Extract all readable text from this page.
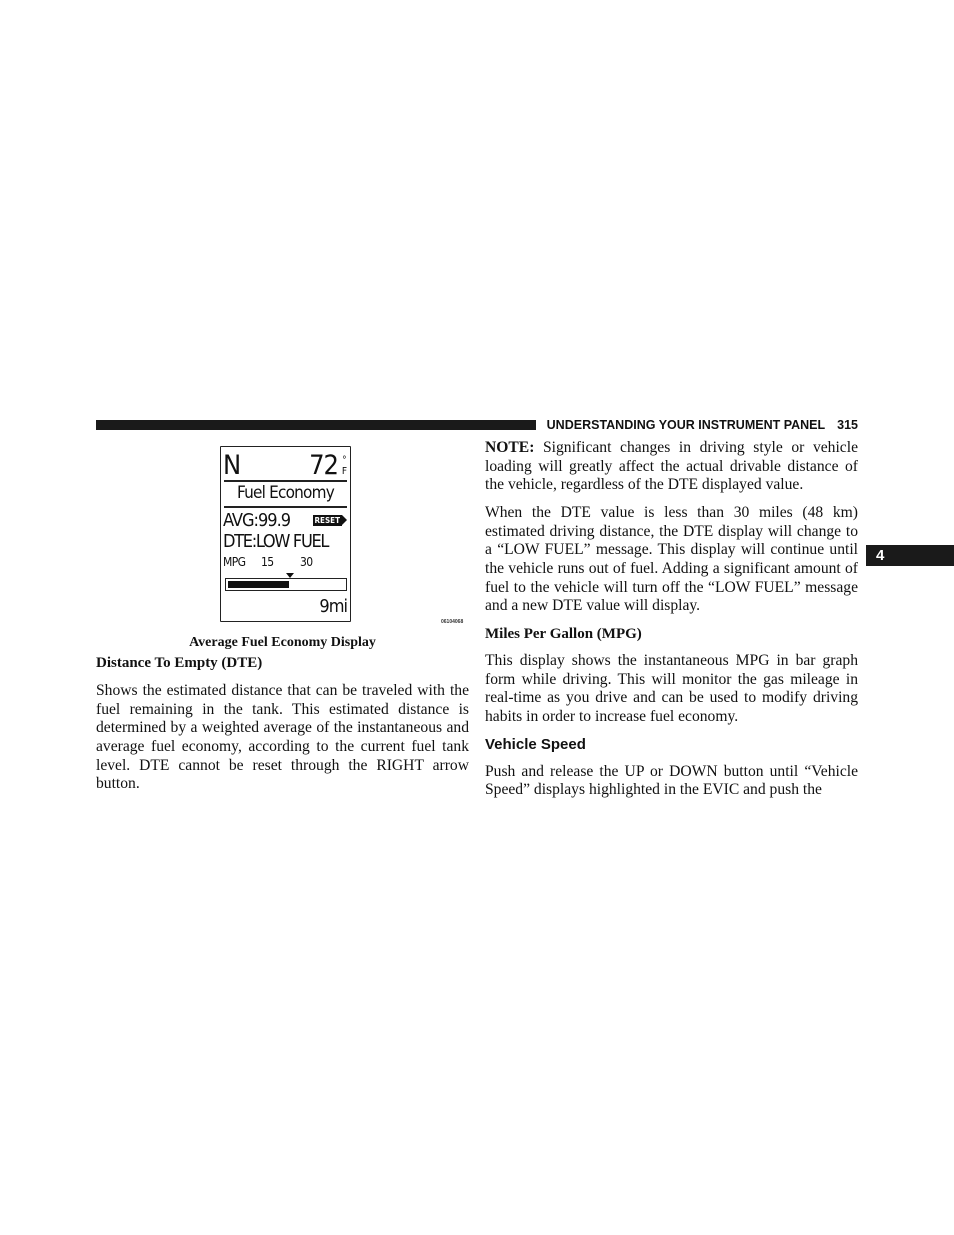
UNDERSTANDING YOUR INSTRUMENT PANEL 315
4
N	72 °
F
Fuel Economy
AVG:99.9	RESET
DTE:LOW FUEL
MPG 15 30
9mi
06104068
Average Fuel Economy Display
Distance To Empty (DTE)

Shows the estimated distance that can be traveled with the fuel remaining in the tank. This estimated distance is determined by a weighted average of the instantaneous and average fuel economy, according to the current fuel tank level. DTE cannot be reset through the RIGHT arrow button.

NOTE: Significant changes in driving style or vehicle loading will greatly affect the actual drivable distance of the vehicle, regardless of the DTE displayed value.

When the DTE value is less than 30 miles (48 km) estimated driving distance, the DTE display will change to a “LOW FUEL” message. This display will continue until the vehicle runs out of fuel. Adding a significant amount of fuel to the vehicle will turn off the “LOW FUEL” message and a new DTE value will display.

Miles Per Gallon (MPG)

This display shows the instantaneous MPG in bar graph form while driving. This will monitor the gas mileage in real-time as you drive and can be used to modify driving habits in order to increase fuel economy.

Vehicle Speed

Push and release the UP or DOWN button until “Vehicle Speed” displays highlighted in the EVIC and push the
